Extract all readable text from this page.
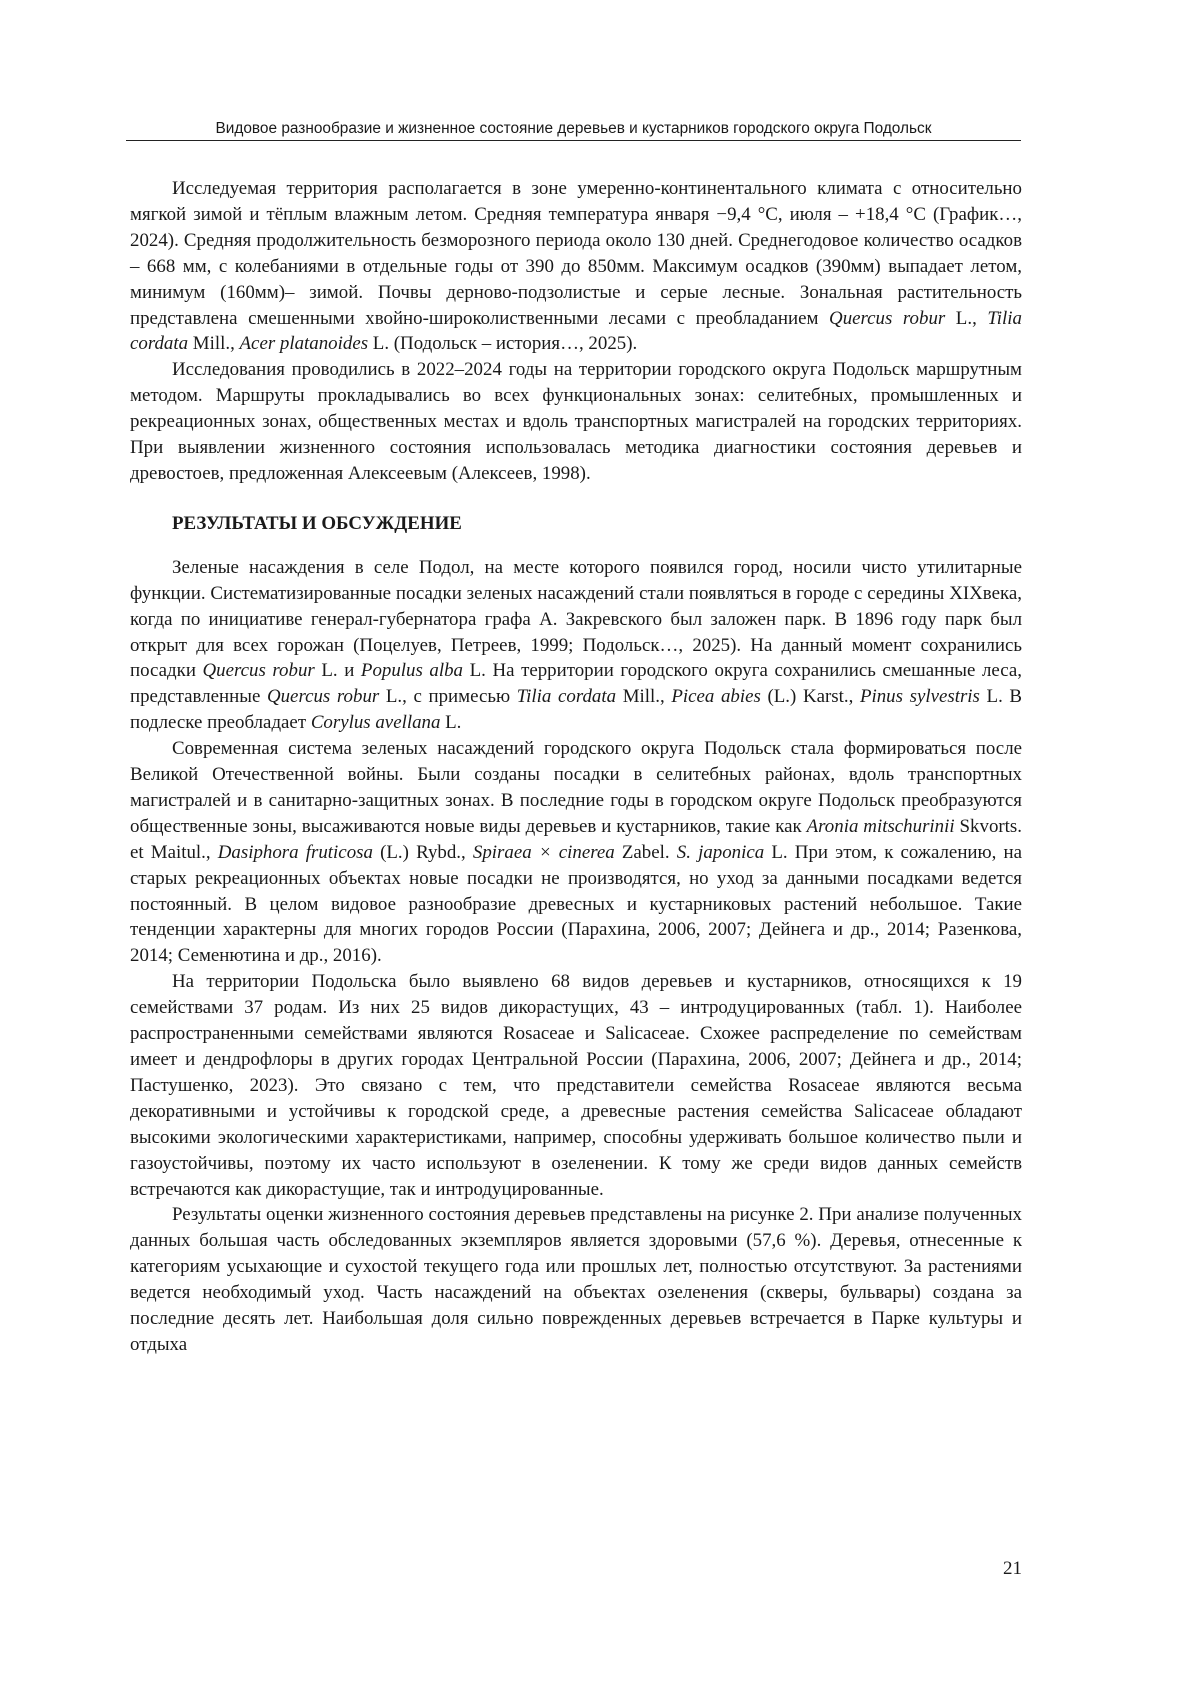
Видовое разнообразие и жизненное состояние деревьев и кустарников городского округа Подольск

Исследуемая территория располагается в зоне умеренно-континентального климата с относительно мягкой зимой и тёплым влажным летом. Средняя температура января −9,4 °С, июля – +18,4 °С (График…, 2024). Средняя продолжительность безморозного периода около 130 дней. Среднегодовое количество осадков – 668 мм, с колебаниями в отдельные годы от 390 до 850мм. Максимум осадков (390мм) выпадает летом, минимум (160мм)– зимой. Почвы дерново-подзолистые и серые лесные. Зональная растительность представлена смешенными хвойно-широколиственными лесами с преобладанием Quercus robur L., Tilia cordata Mill., Acer platanoides L. (Подольск – история…, 2025).

Исследования проводились в 2022–2024 годы на территории городского округа Подольск маршрутным методом. Маршруты прокладывались во всех функциональных зонах: селитебных, промышленных и рекреационных зонах, общественных местах и вдоль транспортных магистралей на городских территориях. При выявлении жизненного состояния использовалась методика диагностики состояния деревьев и древостоев, предложенная Алексеевым (Алексеев, 1998).

РЕЗУЛЬТАТЫ И ОБСУЖДЕНИЕ

Зеленые насаждения в селе Подол, на месте которого появился город, носили чисто утилитарные функции. Систематизированные посадки зеленых насаждений стали появляться в городе с середины XIXвека, когда по инициативе генерал-губернатора графа А. Закревского был заложен парк. В 1896 году парк был открыт для всех горожан (Поцелуев, Петреев, 1999; Подольск…, 2025). На данный момент сохранились посадки Quercus robur L. и Populus alba L. На территории городского округа сохранились смешанные леса, представленные Quercus robur L., с примесью Tilia cordata Mill., Picea abies (L.) Karst., Pinus sylvestris L. В подлеске преобладает Corylus avellana L.

Современная система зеленых насаждений городского округа Подольск стала формироваться после Великой Отечественной войны. Были созданы посадки в селитебных районах, вдоль транспортных магистралей и в санитарно-защитных зонах. В последние годы в городском округе Подольск преобразуются общественные зоны, высаживаются новые виды деревьев и кустарников, такие как Aronia mitschurinii Skvorts. et Maitul., Dasiphora fruticosa (L.) Rybd., Spiraea × cinerea Zabel. S. japonica L. При этом, к сожалению, на старых рекреационных объектах новые посадки не производятся, но уход за данными посадками ведется постоянный. В целом видовое разнообразие древесных и кустарниковых растений небольшое. Такие тенденции характерны для многих городов России (Парахина, 2006, 2007; Дейнега и др., 2014; Разенкова, 2014; Семенютина и др., 2016).

На территории Подольска было выявлено 68 видов деревьев и кустарников, относящихся к 19 семействами 37 родам. Из них 25 видов дикорастущих, 43 – интродуцированных (табл. 1). Наиболее распространенными семействами являются Rosaceae и Salicaceae. Схожее распределение по семействам имеет и дендрофлоры в других городах Центральной России (Парахина, 2006, 2007; Дейнега и др., 2014; Пастушенко, 2023). Это связано с тем, что представители семейства Rosaceae являются весьма декоративными и устойчивы к городской среде, а древесные растения семейства Salicaceae обладают высокими экологическими характеристиками, например, способны удерживать большое количество пыли и газоустойчивы, поэтому их часто используют в озеленении. К тому же среди видов данных семейств встречаются как дикорастущие, так и интродуцированные.

Результаты оценки жизненного состояния деревьев представлены на рисунке 2. При анализе полученных данных большая часть обследованных экземпляров является здоровыми (57,6 %). Деревья, отнесенные к категориям усыхающие и сухостой текущего года или прошлых лет, полностью отсутствуют. За растениями ведется необходимый уход. Часть насаждений на объектах озеленения (скверы, бульвары) создана за последние десять лет. Наибольшая доля сильно поврежденных деревьев встречается в Парке культуры и отдыха

21
